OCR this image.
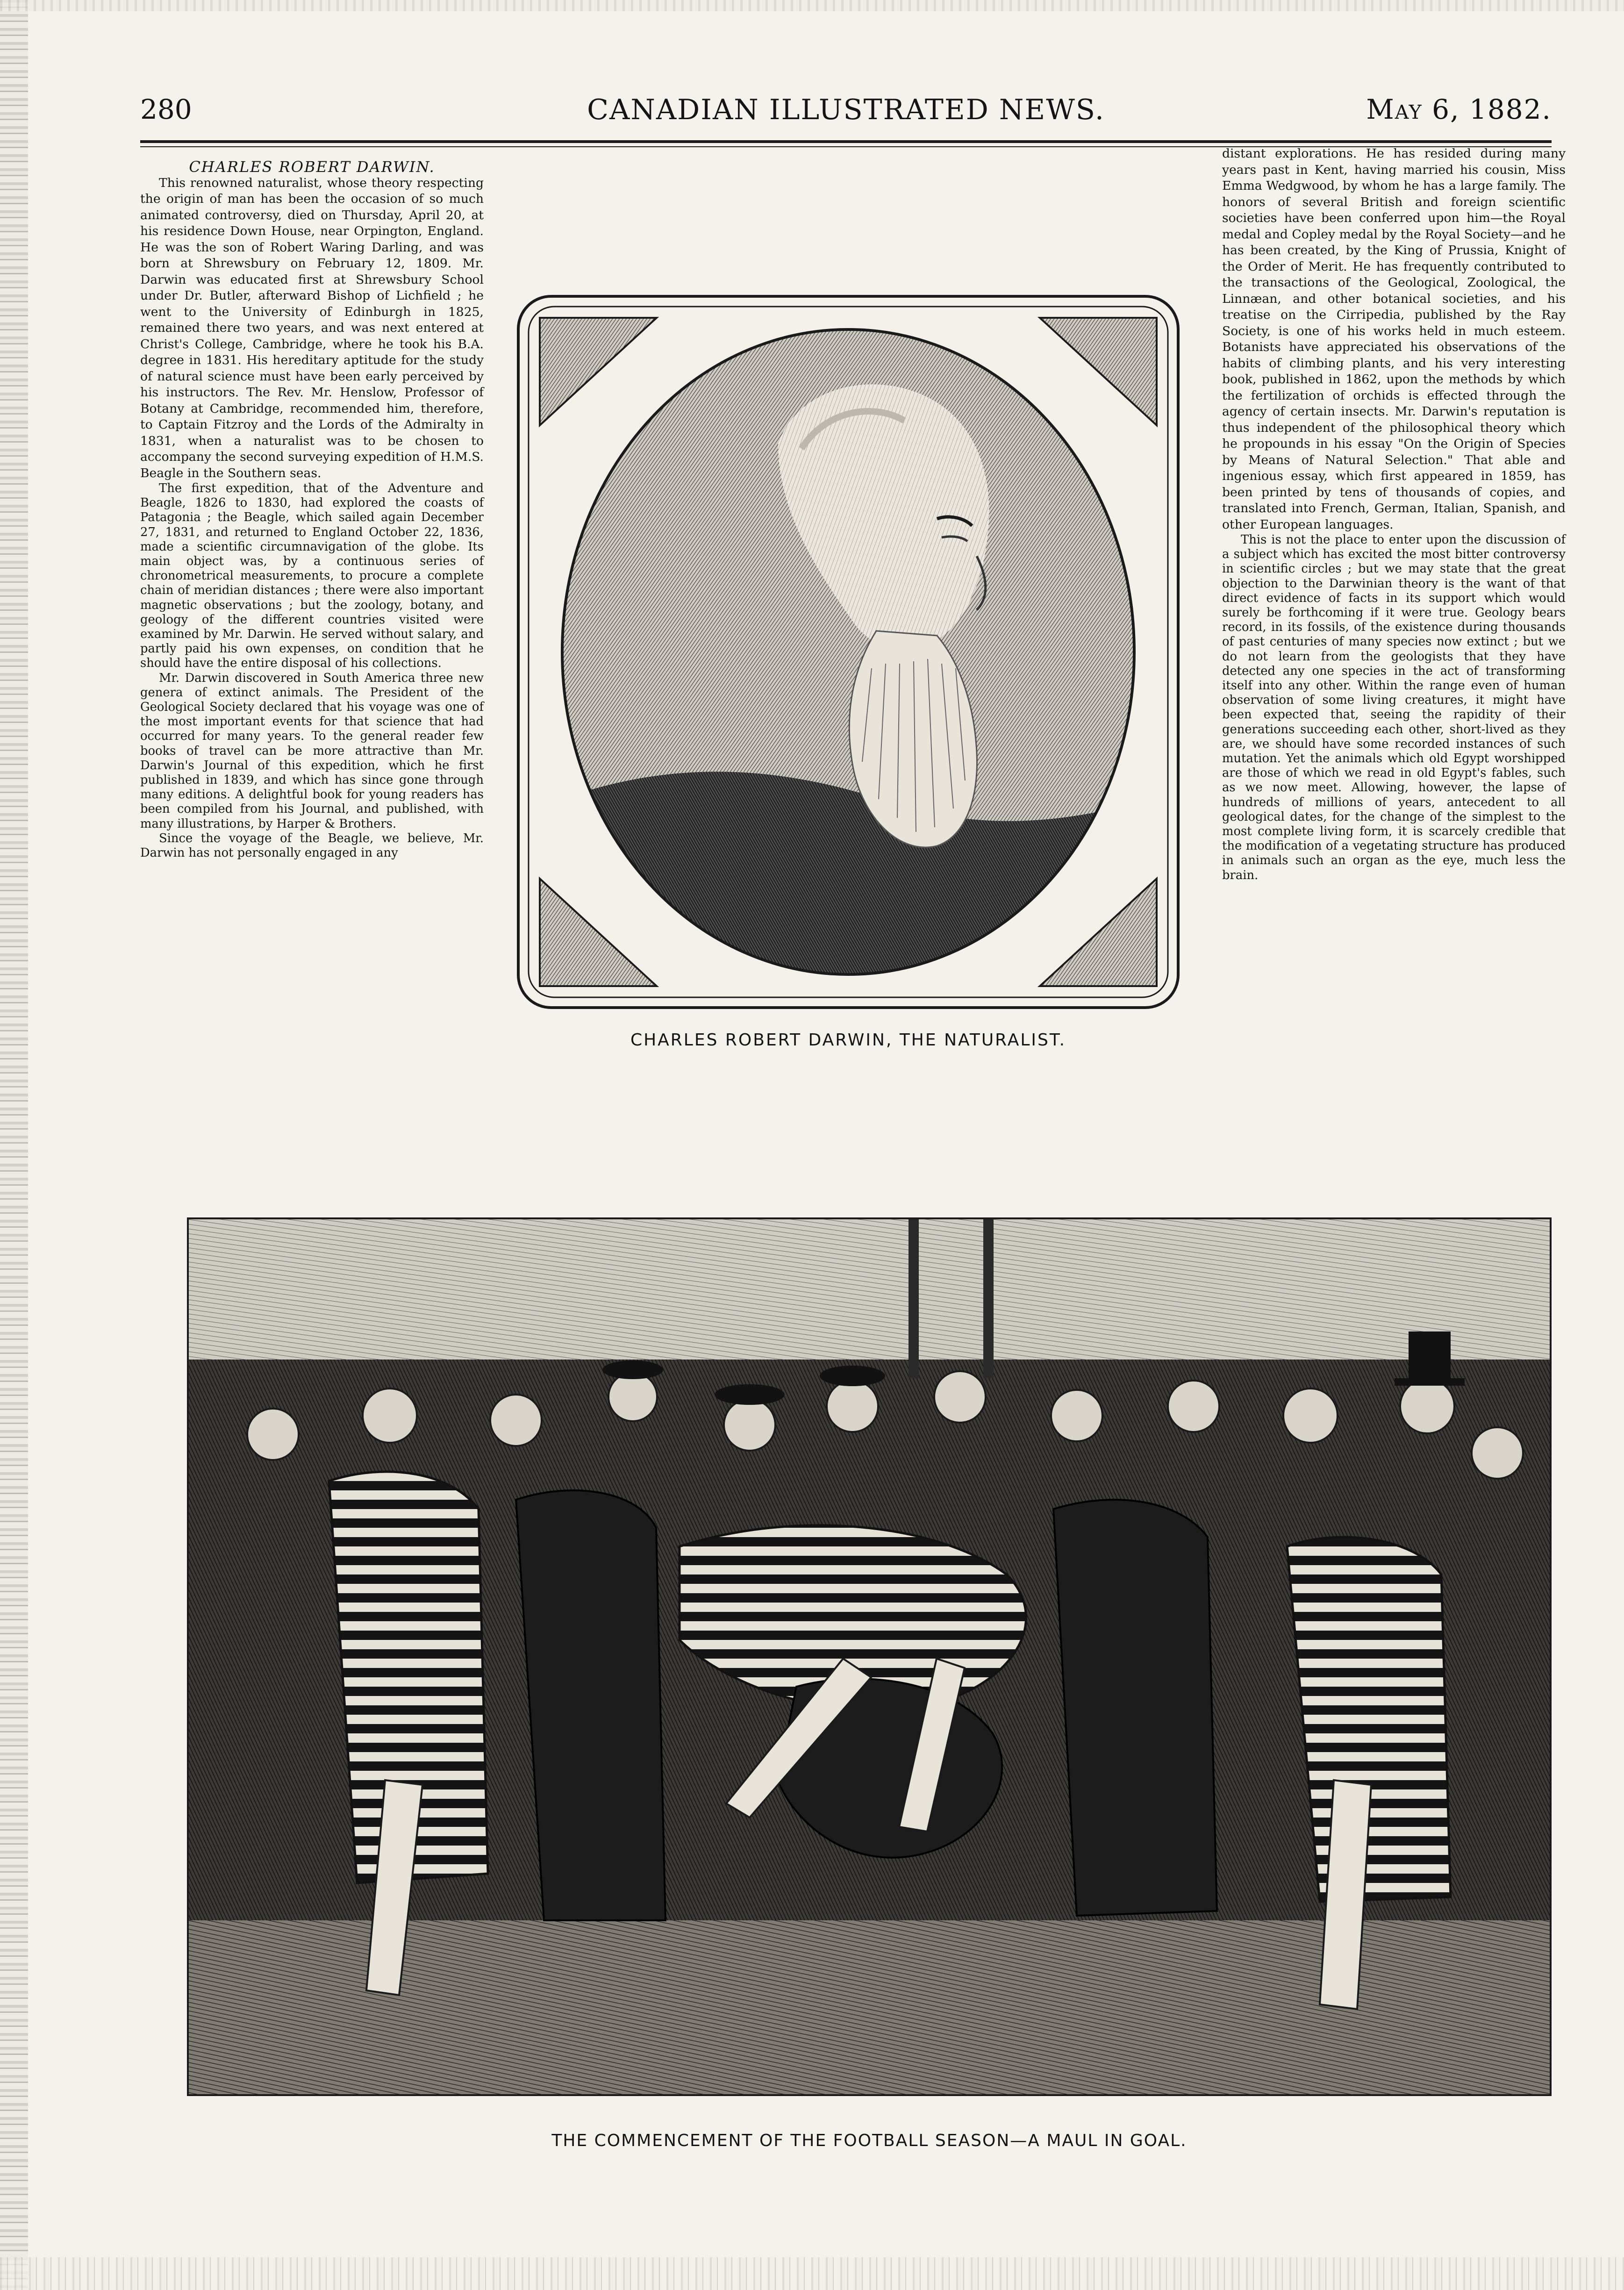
CANADIAN ILLUSTRATED NEWS.
280	May 6, 1882.

CHARLES ROBERT DARWIN.

This renowned naturalist, whose theory respecting the origin of man has been the occasion of so much animated controversy, died on Thursday, April 20, at his residence Down House, near Orpington, England. He was the son of Robert Waring Darling, and was born at Shrewsbury on February 12, 1809. Mr. Darwin was educated first at Shrewsbury School under Dr. Butler, afterward Bishop of Lichfield ; he went to the University of Edinburgh in 1825, remained there two years, and was next entered at Christ's College, Cambridge, where he took his B.A. degree in 1831. His hereditary aptitude for the study of natural science must have been early perceived by his instructors. The Rev. Mr. Henslow, Professor of Botany at Cambridge, recommended him, therefore, to Captain Fitzroy and the Lords of the Admiralty in 1831, when a naturalist was to be chosen to accompany the second surveying expedition of H.M.S. Beagle in the Southern seas.

The first expedition, that of the Adventure and Beagle, 1826 to 1830, had explored the coasts of Patagonia ; the Beagle, which sailed again December 27, 1831, and returned to England October 22, 1836, made a scientific circumnavigation of the globe. Its main object was, by a continuous series of chronometrical measurements, to procure a complete chain of meridian distances ; there were also important magnetic observations ; but the zoology, botany, and geology of the different countries visited were examined by Mr. Darwin. He served without salary, and partly paid his own expenses, on condition that he should have the entire disposal of his collections.

Mr. Darwin discovered in South America three new genera of extinct animals. The President of the Geological Society declared that his voyage was one of the most important events for that science that had occurred for many years. To the general reader few books of travel can be more attractive than Mr. Darwin's Journal of this expedition, which he first published in 1839, and which has since gone through many editions. A delightful book for young readers has been compiled from his Journal, and published, with many illustrations, by Harper & Brothers.

Since the voyage of the Beagle, we believe, Mr. Darwin has not personally engaged in any

CHARLES ROBERT DARWIN, THE NATURALIST.

distant explorations. He has resided during many years past in Kent, having married his cousin, Miss Emma Wedgwood, by whom he has a large family. The honors of several British and foreign scientific societies have been conferred upon him—the Royal medal and Copley medal by the Royal Society—and he has been created, by the King of Prussia, Knight of the Order of Merit. He has frequently contributed to the transactions of the Geological, Zoological, the Linnæan, and other botanical societies, and his treatise on the Cirripedia, published by the Ray Society, is one of his works held in much esteem. Botanists have appreciated his observations of the habits of climbing plants, and his very interesting book, published in 1862, upon the methods by which the fertilization of orchids is effected through the agency of certain insects. Mr. Darwin's reputation is thus independent of the philosophical theory which he propounds in his essay "On the Origin of Species by Means of Natural Selection." That able and ingenious essay, which first appeared in 1859, has been printed by tens of thousands of copies, and translated into French, German, Italian, Spanish, and other European languages.

This is not the place to enter upon the discussion of a subject which has excited the most bitter controversy in scientific circles ; but we may state that the great objection to the Darwinian theory is the want of that direct evidence of facts in its support which would surely be forthcoming if it were true. Geology bears record, in its fossils, of the existence during thousands of past centuries of many species now extinct ; but we do not learn from the geologists that they have detected any one species in the act of transforming itself into any other. Within the range even of human observation of some living creatures, it might have been expected that, seeing the rapidity of their generations succeeding each other, short-lived as they are, we should have some recorded instances of such mutation. Yet the animals which old Egypt worshipped are those of which we read in old Egypt's fables, such as we now meet. Allowing, however, the lapse of hundreds of millions of years, antecedent to all geological dates, for the change of the simplest to the most complete living form, it is scarcely credible that the modification of a vegetating structure has produced in animals such an organ as the eye, much less the brain.

THE COMMENCEMENT OF THE FOOTBALL SEASON—A MAUL IN GOAL.
